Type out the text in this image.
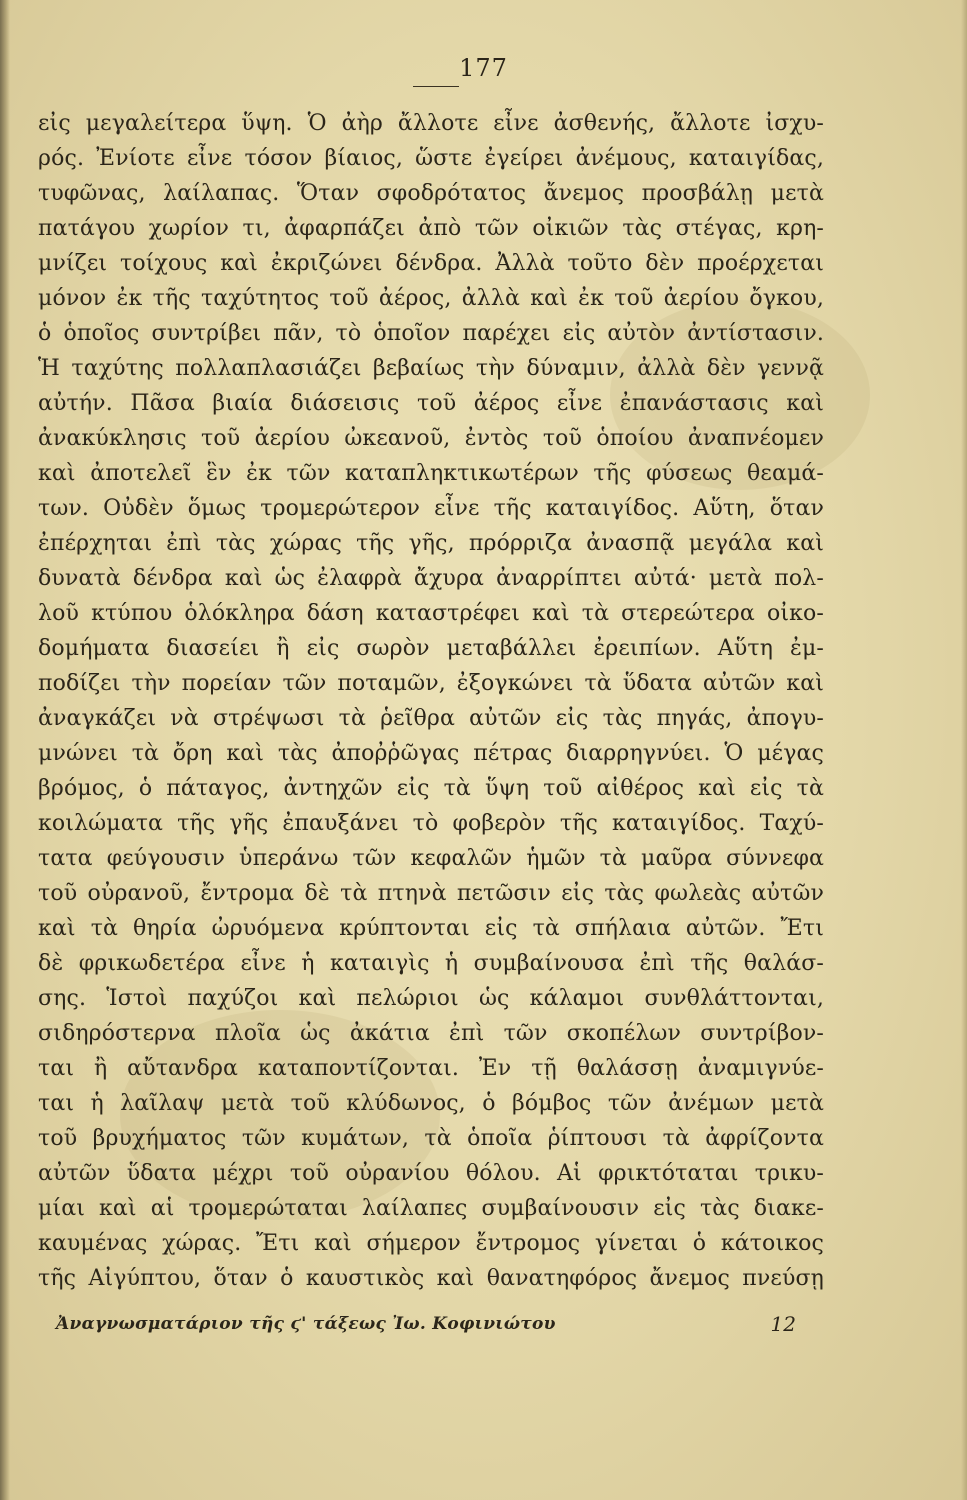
177
εἰς μεγαλείτερα ὕψη. Ὁ ἀὴρ ἄλλοτε εἶνε ἀσθενής, ἄλλοτε ἰσχυ-
ρός. Ἐνίοτε εἶνε τόσον βίαιος, ὥστε ἐγείρει ἀνέμους, καταιγίδας,
τυφῶνας, λαίλαπας. Ὅταν σφοδρότατος ἄνεμος προσβάλῃ μετὰ
πατάγου χωρίον τι, ἀφαρπάζει ἀπὸ τῶν οἰκιῶν τὰς στέγας, κρη-
μνίζει τοίχους καὶ ἐκριζώνει δένδρα. Ἀλλὰ τοῦτο δὲν προέρχεται
μόνον ἐκ τῆς ταχύτητος τοῦ ἀέρος, ἀλλὰ καὶ ἐκ τοῦ ἀερίου ὄγκου,
ὁ ὁποῖος συντρίβει πᾶν, τὸ ὁποῖον παρέχει εἰς αὐτὸν ἀντίστασιν.
Ἡ ταχύτης πολλαπλασιάζει βεβαίως τὴν δύναμιν, ἀλλὰ δὲν γεννᾷ
αὐτήν. Πᾶσα βιαία διάσεισις τοῦ ἀέρος εἶνε ἐπανάστασις καὶ
ἀνακύκλησις τοῦ ἀερίου ὠκεανοῦ, ἐντὸς τοῦ ὁποίου ἀναπνέομεν
καὶ ἀποτελεῖ ἓν ἐκ τῶν καταπληκτικωτέρων τῆς φύσεως θεαμά-
των. Οὐδὲν ὅμως τρομερώτερον εἶνε τῆς καταιγίδος. Αὕτη, ὅταν
ἐπέρχηται ἐπὶ τὰς χώρας τῆς γῆς, πρόρριζα ἀνασπᾷ μεγάλα καὶ
δυνατὰ δένδρα καὶ ὡς ἐλαφρὰ ἄχυρα ἀναρρίπτει αὐτά· μετὰ πολ-
λοῦ κτύπου ὁλόκληρα δάση καταστρέφει καὶ τὰ στερεώτερα οἰκο-
δομήματα διασείει ἢ εἰς σωρὸν μεταβάλλει ἐρειπίων. Αὕτη ἐμ-
ποδίζει τὴν πορείαν τῶν ποταμῶν, ἐξογκώνει τὰ ὕδατα αὐτῶν καὶ
ἀναγκάζει νὰ στρέψωσι τὰ ῥεῖθρα αὐτῶν εἰς τὰς πηγάς, ἀπογυ-
μνώνει τὰ ὄρη καὶ τὰς ἀποῤῥῶγας πέτρας διαρρηγνύει. Ὁ μέγας
βρόμος, ὁ πάταγος, ἀντηχῶν εἰς τὰ ὕψη τοῦ αἰθέρος καὶ εἰς τὰ
κοιλώματα τῆς γῆς ἐπαυξάνει τὸ φοβερὸν τῆς καταιγίδος. Ταχύ-
τατα φεύγουσιν ὑπεράνω τῶν κεφαλῶν ἡμῶν τὰ μαῦρα σύννεφα
τοῦ οὐρανοῦ, ἔντρομα δὲ τὰ πτηνὰ πετῶσιν εἰς τὰς φωλεὰς αὐτῶν
καὶ τὰ θηρία ὠρυόμενα κρύπτονται εἰς τὰ σπήλαια αὐτῶν. Ἔτι
δὲ φρικωδετέρα εἶνε ἡ καταιγὶς ἡ συμβαίνουσα ἐπὶ τῆς θαλάσ-
σης. Ἱστοὶ παχύζοι καὶ πελώριοι ὡς κάλαμοι συνθλάττονται,
σιδηρόστερνα πλοῖα ὡς ἀκάτια ἐπὶ τῶν σκοπέλων συντρίβον-
ται ἢ αὔτανδρα καταποντίζονται. Ἐν τῇ θαλάσσῃ ἀναμιγνύε-
ται ἡ λαῖλαψ μετὰ τοῦ κλύδωνος, ὁ βόμβος τῶν ἀνέμων μετὰ
τοῦ βρυχήματος τῶν κυμάτων, τὰ ὁποῖα ῥίπτουσι τὰ ἀφρίζοντα
αὐτῶν ὕδατα μέχρι τοῦ οὐρανίου θόλου. Αἱ φρικτόταται τρικυ-
μίαι καὶ αἱ τρομερώταται λαίλαπες συμβαίνουσιν εἰς τὰς διακε-
καυμένας χώρας. Ἔτι καὶ σήμερον ἔντρομος γίνεται ὁ κάτοικος
τῆς Αἰγύπτου, ὅταν ὁ καυστικὸς καὶ θανατηφόρος ἄνεμος πνεύσῃ
Ἀναγνωσματάριον τῆς ϛ' τάξεως Ἰω. Κοφινιώτου	12
